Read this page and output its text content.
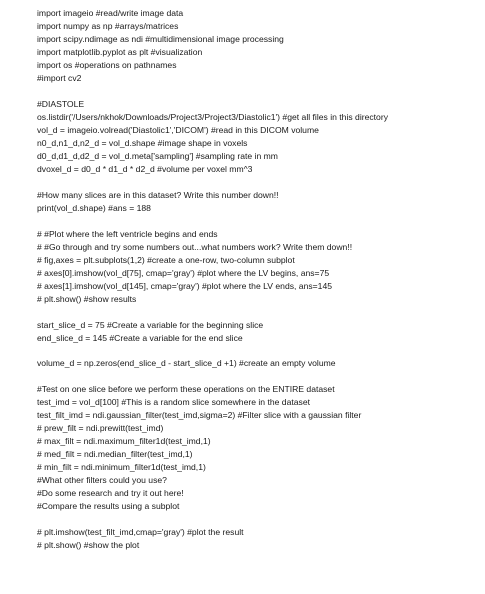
import imageio #read/write image data
import numpy as np #arrays/matrices
import scipy.ndimage as ndi #multidimensional image processing
import matplotlib.pyplot as plt #visualization
import os #operations on pathnames
#import cv2
#DIASTOLE
os.listdir('/Users/nkhok/Downloads/Project3/Project3/Diastolic1') #get all files in this directory
vol_d = imageio.volread('Diastolic1','DICOM') #read in this DICOM volume
n0_d,n1_d,n2_d = vol_d.shape #image shape in voxels
d0_d,d1_d,d2_d = vol_d.meta['sampling'] #sampling rate in mm
dvoxel_d = d0_d * d1_d * d2_d #volume per voxel mm^3
#How many slices are in this dataset? Write this number down!!
print(vol_d.shape) #ans = 188
# #Plot where the left ventricle begins and ends
# #Go through and try some numbers out...what numbers work? Write them down!!
# fig,axes = plt.subplots(1,2) #create a one-row, two-column subplot
# axes[0].imshow(vol_d[75], cmap='gray') #plot where the LV begins, ans=75
# axes[1].imshow(vol_d[145], cmap='gray') #plot where the LV ends, ans=145
# plt.show() #show results
start_slice_d = 75 #Create a variable for the beginning slice
end_slice_d = 145 #Create a variable for the end slice
volume_d = np.zeros(end_slice_d - start_slice_d +1) #create an empty volume
#Test on one slice before we perform these operations on the ENTIRE dataset
test_imd = vol_d[100] #This is a random slice somewhere in the dataset
test_filt_imd = ndi.gaussian_filter(test_imd,sigma=2) #Filter slice with a gaussian filter
# prew_filt = ndi.prewitt(test_imd)
# max_filt = ndi.maximum_filter1d(test_imd,1)
# med_filt = ndi.median_filter(test_imd,1)
# min_filt = ndi.minimum_filter1d(test_imd,1)
#What other filters could you use?
#Do some research and try it out here!
#Compare the results using a subplot
# plt.imshow(test_filt_imd,cmap='gray') #plot the result
# plt.show() #show the plot
